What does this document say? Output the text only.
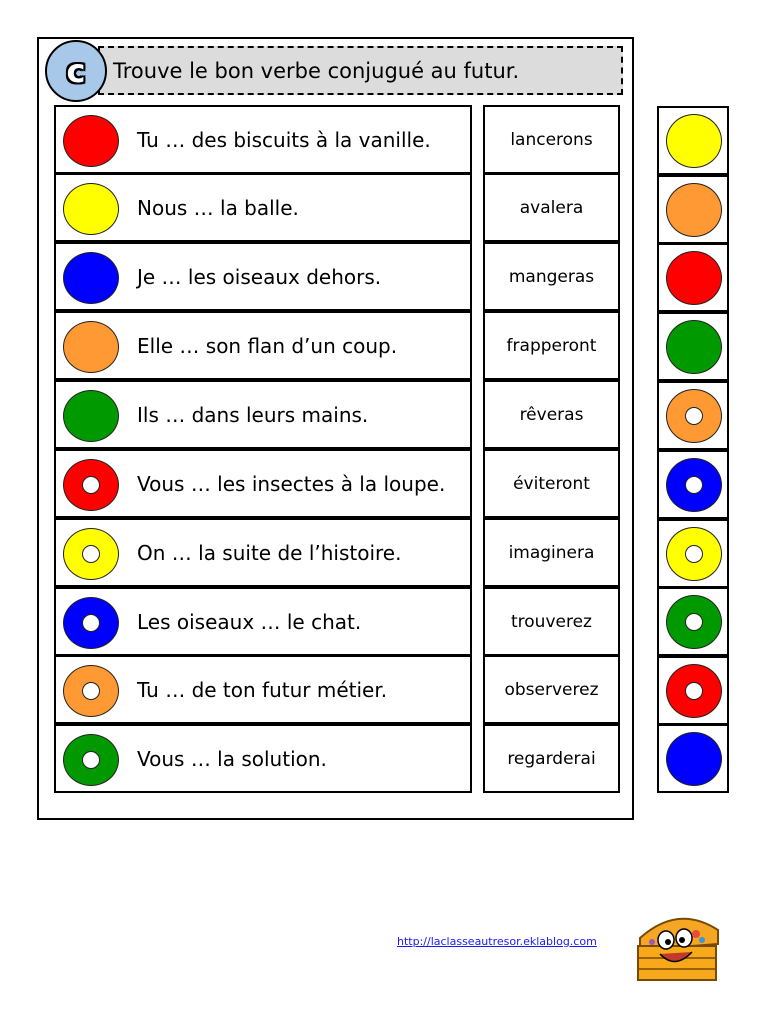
c Trouve le bon verbe conjugué au futur.
Tu … des biscuits à la vanille.
Nous … la balle.
Je … les oiseaux dehors.
Elle … son flan d’un coup.
Ils … dans leurs mains.
Vous … les insectes à la loupe.
On … la suite de l’histoire.
Les oiseaux … le chat.
Tu … de ton futur métier.
Vous … la solution.
lancerons
avalera
mangeras
frapperont
rêveras
éviteront
imaginera
trouverez
observerez
regarderai
http://laclasseautresor.eklablog.com
